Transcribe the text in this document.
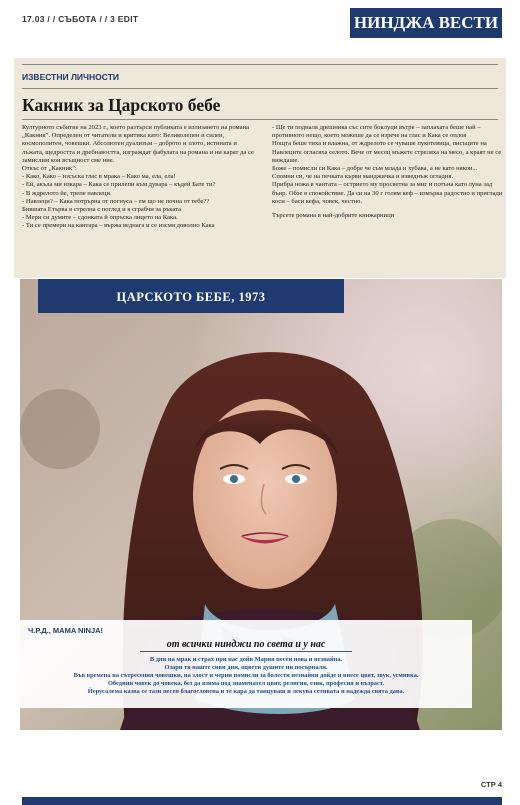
17.03 / / СЪБОТА / / 3 EDIT	НИНДЖА ВЕСТИ
ИЗВЕСТНИ ЛИЧНОСТИ
Какник за Царското бебе

Културното събитие на 2023 г., което разтърси публиката е излизането на романа „Какник". Определен от читатели и критика като: Великолепен и силен, космополитен, човешки. Абсолютен дуализъм – доброто и злото, истината и лъжата, щедростта и дребнавостта, изграждат фабулата на романа и ни карат да се замислим кои всъщност сме ние.

Откъс от „Какник":

- Како, Како – изсъска глас в мрака – Како ма, ела, ела!

- Ей, акъла ми изкара – Кака се прилепи към дувара – къдей Бате ти?

- В ждрелото йе, трепе навлеци.

- Навлеци? – Кака потрърна от погнуса – ем що не почна от тебе??

Бившата Етърва я стрелна с поглед и я сграбчи за ръката

- Мери си думите – сдонката й опръска лицето на Кака.

- Ти се премери на кантара – вържа веднага и се изсмя доволно Кака

- Ще ти подналя дрешника със сите боклуци вътре – заплахата беше най – противното нещо, което можеше да се изрече на глас и Кака се оплоя

Нощта беше тиха и влажна, от ждрелото се чуваше пукотевица, писъците на Навлеците огласяха селото. Вече от месец мъжете стреляха на месо, а краят не се виждаше.

Боже – помисли си Кака – добре че съм млада и хубава, а не като някои...

Спомни си, че на печката кърви манджичка и изведнъж огладня.

Прибра ножа в чантата – острието му просветна за миг и потъна като луна зад бъир. Обзе я спокойствие. Да си на 30 г голям кеф – измърка радостно и приглади коси – баси кефа, човек, честно.

Търсете романа в най-добрите книжарници

ЦАРСКОТО БЕБЕ, 1973
Ч.Р.Д., MAMA NINJA!
от всички нинджи по света и у нас
В дни на мрак и страх при нас дойв Мария песен нова и незнайна.
Озари тя наште сиви дни, оцвети душите ни посърнали.
Във времена на сътресения човешки, на злост и черни помисли за болести незнайни дойде и внесе цвят, звук, усмивка.
Обедини човек до човека, без да взима под знаменател цвят, религия, език, професия и възраст.
Йерусалема казва се тази песен благословена и те кара да танцуваш и лекува сетивата и надежда свята дава.
СТР 4
